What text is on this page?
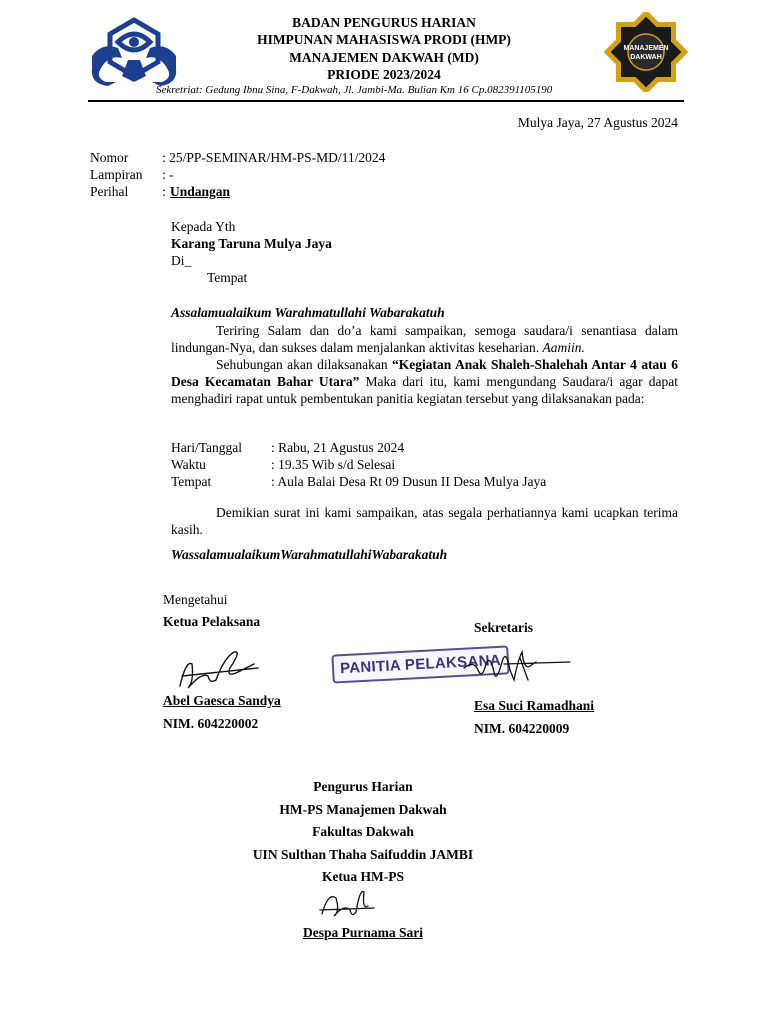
MANAJEMEN
DAKWAH
BADAN PENGURUS HARIAN
HIMPUNAN MAHASISWA PRODI (HMP)
MANAJEMEN DAKWAH (MD)
PRIODE 2023/2024
Sekretriat: Gedung Ibnu Sina, F-Dakwah, Jl. Jambi-Ma. Bulian Km 16 Cp.082391105190
Mulya Jaya, 27 Agustus 2024
Nomor	: 25/PP-SEMINAR/HM-PS-MD/11/2024
Lampiran : -
Perihal	: Undangan
Kepada Yth
Karang Taruna Mulya Jaya
Di_
Tempat
Assalamualaikum Warahmatullahi Wabarakatuh
Teriring Salam dan do’a kami sampaikan, semoga saudara/i senantiasa dalam lindungan-Nya, dan sukses dalam menjalankan aktivitas keseharian. Aamiin.
Sehubungan akan dilaksanakan “Kegiatan Anak Shaleh-Shalehah Antar 4 atau 6 Desa Kecamatan Bahar Utara” Maka dari itu, kami mengundang Saudara/i agar dapat menghadiri rapat untuk pembentukan panitia kegiatan tersebut yang dilaksanakan pada:
Hari/Tanggal : Rabu, 21 Agustus 2024
Waktu	: 19.35 Wib s/d Selesai
Tempat	: Aula Balai Desa Rt 09 Dusun II Desa Mulya Jaya
Demikian surat ini kami sampaikan, atas segala perhatiannya kami ucapkan terima kasih.
WassalamualaikumWarahmatullahiWabarakatuh
Mengetahui
Ketua Pelaksana	Sekretaris
PANITIA PELAKSANA
Abel Gaesca Sandya
NIM. 604220002
Esa Suci Ramadhani
NIM. 604220009
Pengurus Harian
HM-PS Manajemen Dakwah
Fakultas Dakwah
UIN Sulthan Thaha Saifuddin JAMBI
Ketua HM-PS
Despa Purnama Sari
